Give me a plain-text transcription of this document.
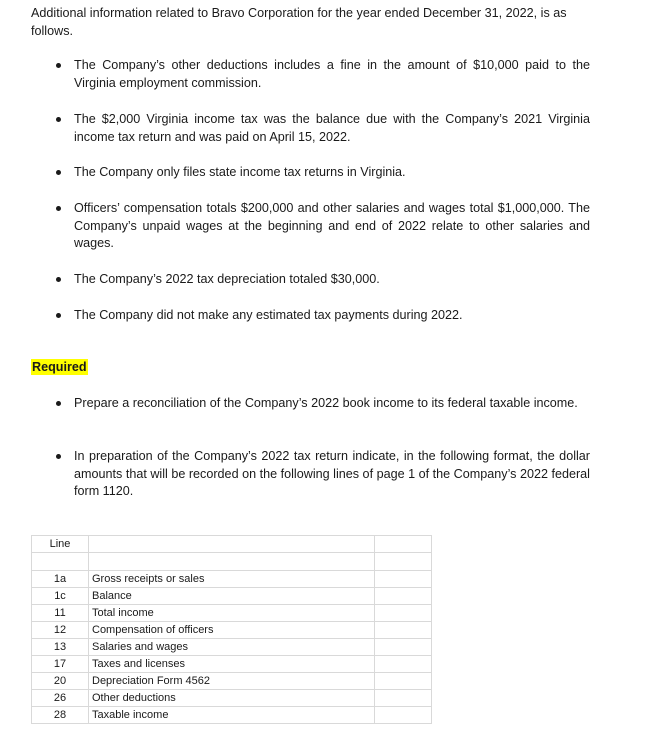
Additional information related to Bravo Corporation for the year ended December 31, 2022, is as follows.

The Company’s other deductions includes a fine in the amount of $10,000 paid to the Virginia employment commission.
The $2,000 Virginia income tax was the balance due with the Company’s 2021 Virginia income tax return and was paid on April 15, 2022.
The Company only files state income tax returns in Virginia.
Officers’ compensation totals $200,000 and other salaries and wages total $1,000,000. The Company’s unpaid wages at the beginning and end of 2022 relate to other salaries and wages.
The Company’s 2022 tax depreciation totaled $30,000.
The Company did not make any estimated tax payments during 2022.
Required
Prepare a reconciliation of the Company’s 2022 book income to its federal taxable income.
In preparation of the Company’s 2022 tax return indicate, in the following format, the dollar amounts that will be recorded on the following lines of page 1 of the Company’s 2022 federal form 1120.
Line		

1a	Gross receipts or sales	
1c	Balance	
11	Total income	
12	Compensation of officers	
13	Salaries and wages	
17	Taxes and licenses	
20	Depreciation Form 4562	
26	Other deductions	
28	Taxable income	
